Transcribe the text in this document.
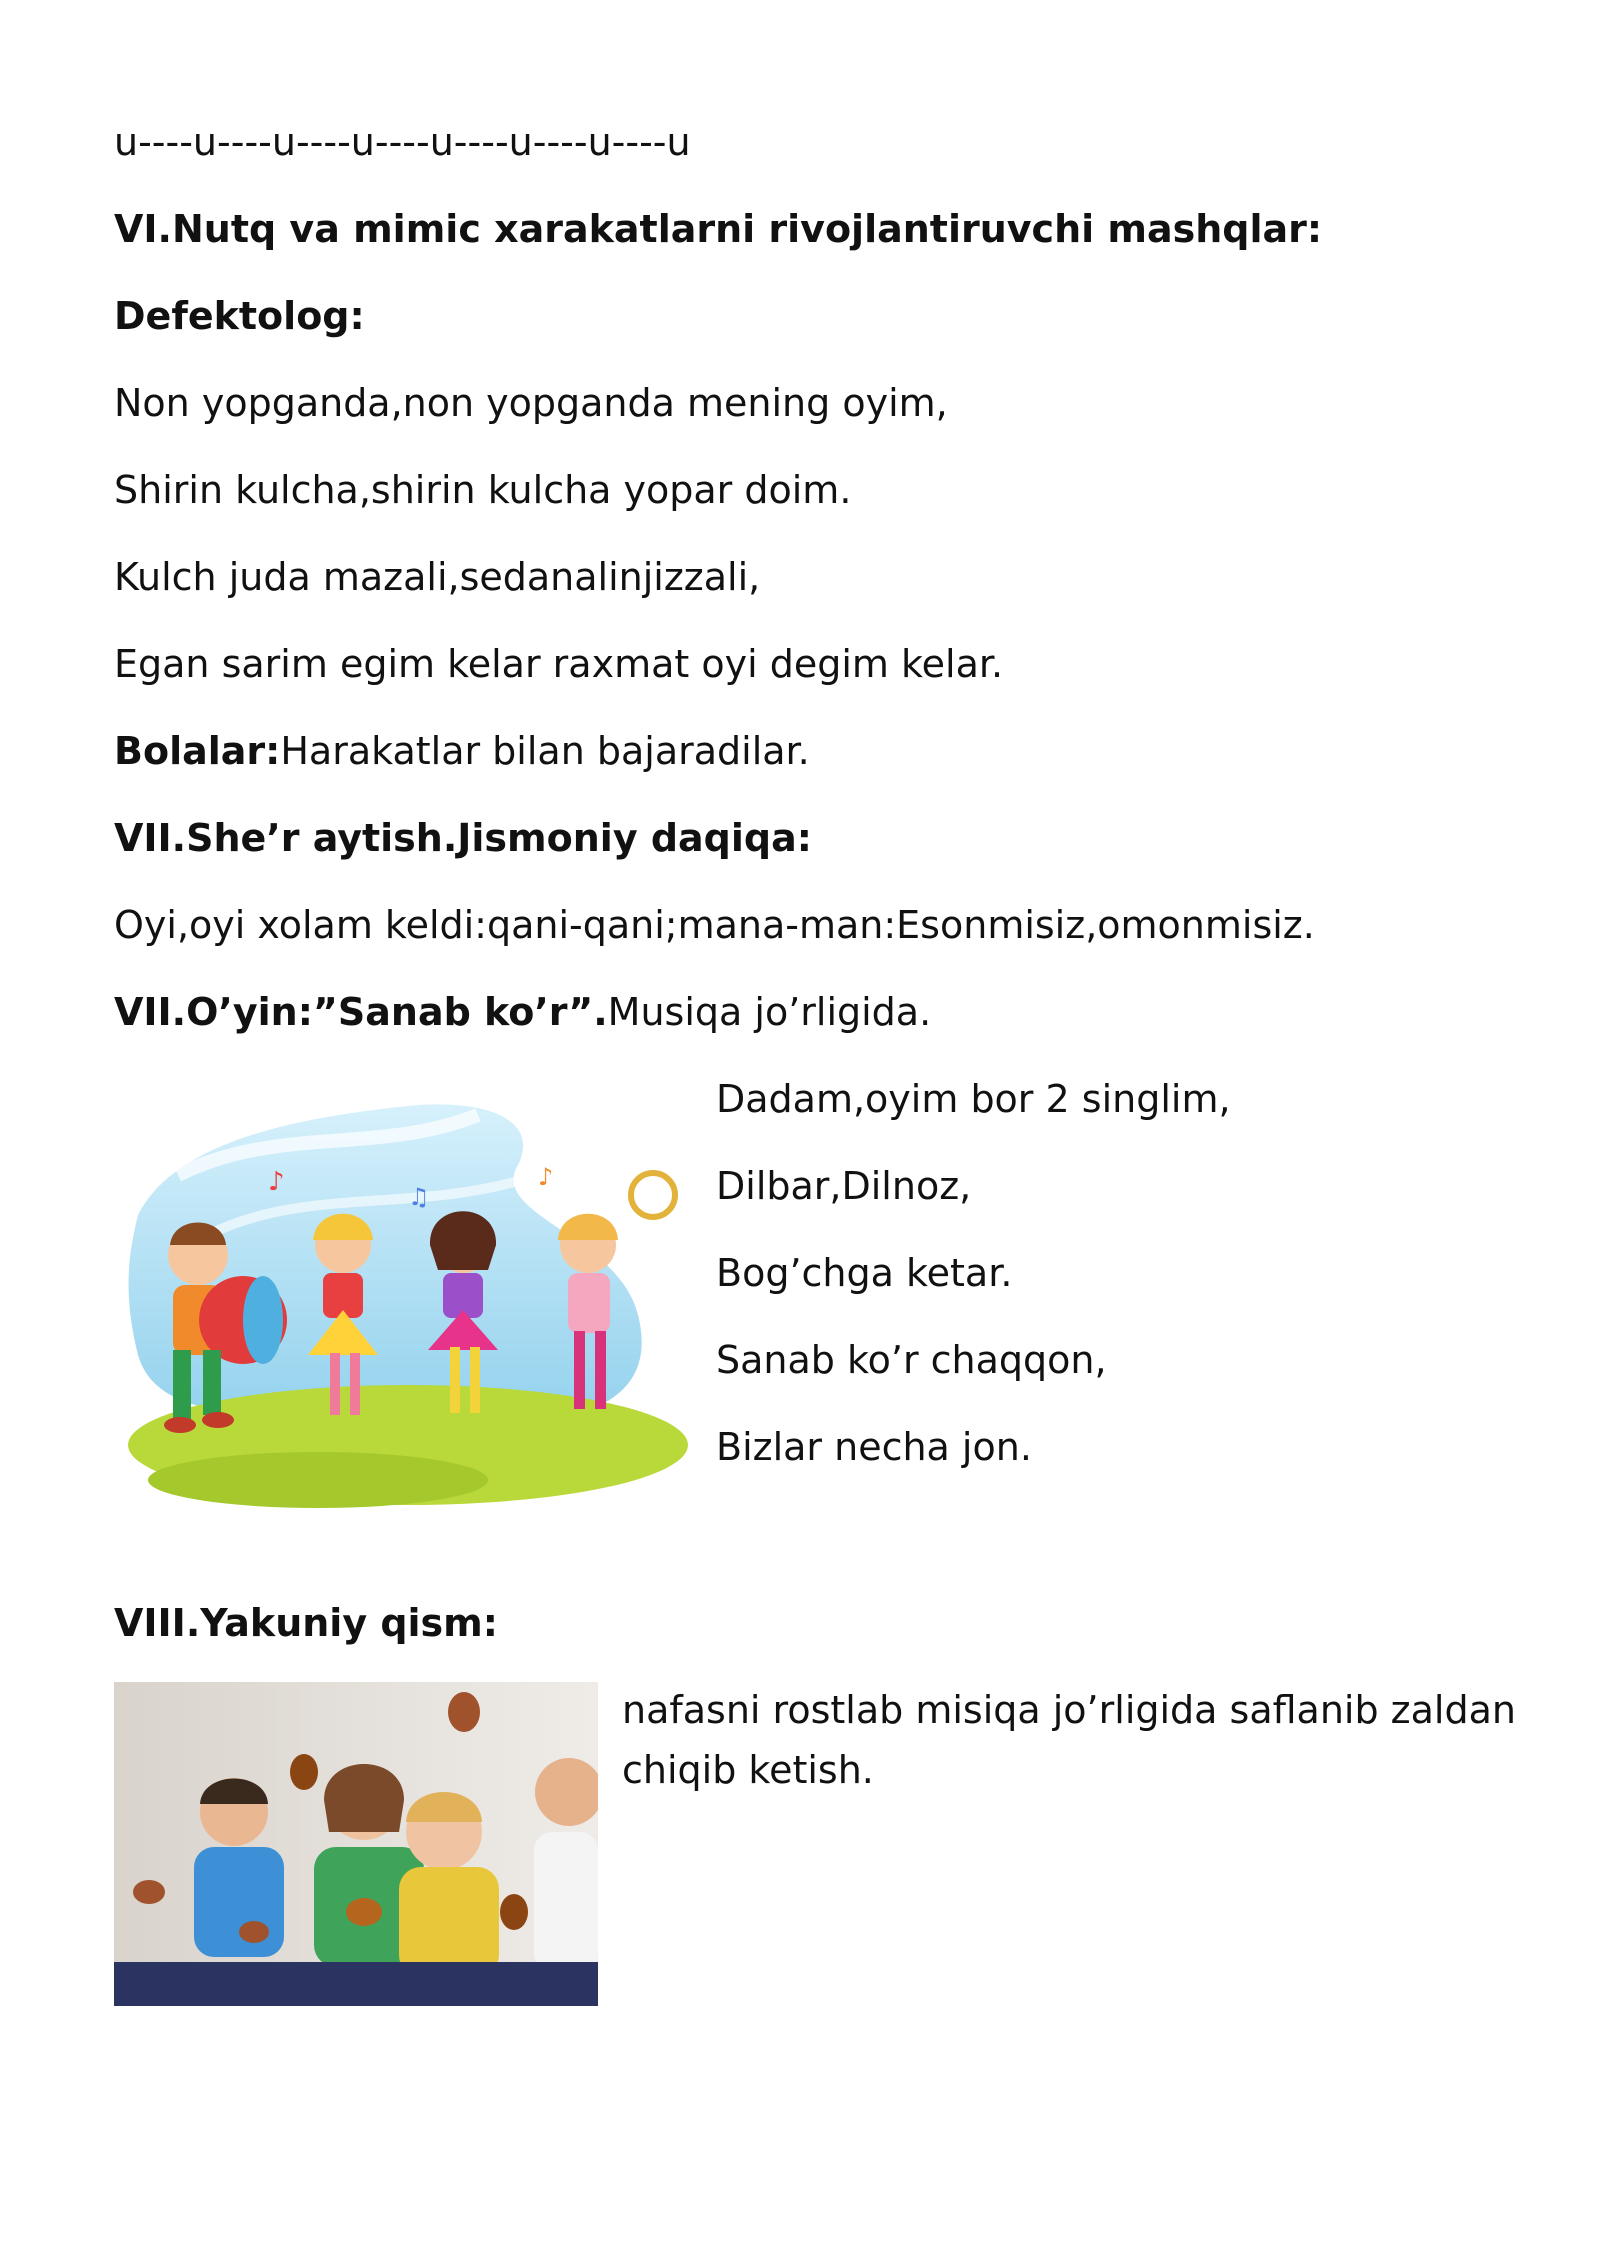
u----u----u----u----u----u----u----u
VI.Nutq va mimic xarakatlarni rivojlantiruvchi mashqlar:
Defektolog:
Non yopganda,non yopganda mening oyim,
Shirin kulcha,shirin kulcha yopar doim.
Kulch juda mazali,sedanalinjizzali,
Egan sarim egim kelar raxmat oyi degim kelar.
Bolalar:Harakatlar bilan bajaradilar.
VII.She’r aytish.Jismoniy daqiqa:
Oyi,oyi xolam keldi:qani-qani;mana-man:Esonmisiz,omonmisiz.
VII.O’yin:”Sanab ko’r”.Musiqa jo’rligida.
♪	♫
♪
Dadam,oyim bor 2 singlim,
Dilbar,Dilnoz,
Bog’chga ketar.
Sanab ko’r chaqqon,
Bizlar necha jon.
VIII.Yakuniy qism:
nafasni rostlab misiqa jo’rligida saflanib zaldan chiqib ketish.
